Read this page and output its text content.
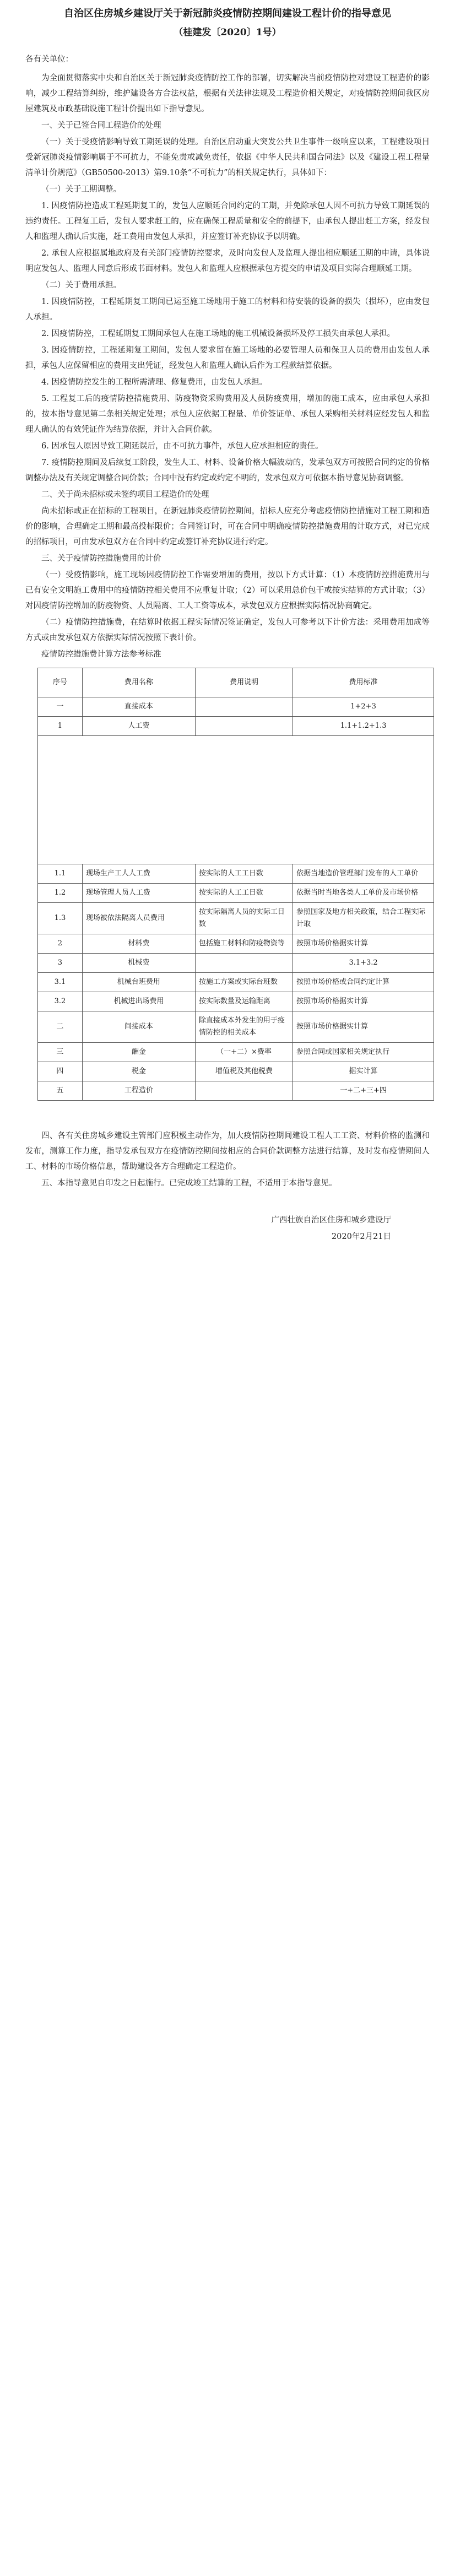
自治区住房城乡建设厅关于新冠肺炎疫情防控期间建设工程计价的指导意见
（桂建发〔2020〕1号）
各有关单位：

为全面贯彻落实中央和自治区关于新冠肺炎疫情防控工作的部署，切实解决当前疫情防控对建设工程造价的影响，减少工程结算纠纷，维护建设各方合法权益，根据有关法律法规及工程造价相关规定，对疫情防控期间我区房屋建筑及市政基础设施工程计价提出如下指导意见。

一、关于已签合同工程造价的处理

（一）关于受疫情影响导致工期延误的处理。自治区启动重大突发公共卫生事件一级响应以来，工程建设项目受新冠肺炎疫情影响属于不可抗力，不能免责或减免责任，依据《中华人民共和国合同法》以及《建设工程工程量清单计价规范》（GB50500-2013）第9.10条“不可抗力”的相关规定执行，具体如下：

（一）关于工期调整。

1. 因疫情防控造成工程延期复工的，发包人应顺延合同约定的工期，并免除承包人因不可抗力导致工期延误的违约责任。工程复工后，发包人要求赶工的，应在确保工程质量和安全的前提下，由承包人提出赶工方案，经发包人和监理人确认后实施，赶工费用由发包人承担，并应签订补充协议予以明确。

2. 承包人应根据属地政府及有关部门疫情防控要求，及时向发包人及监理人提出相应顺延工期的申请，具体说明应发包人、监理人同意后形成书面材料。发包人和监理人应根据承包方提交的申请及项目实际合理顺延工期。

（二）关于费用承担。

1. 因疫情防控，工程延期复工期间已运至施工场地用于施工的材料和待安装的设备的损失（损坏），应由发包人承担。

2. 因疫情防控，工程延期复工期间承包人在施工场地的施工机械设备损坏及停工损失由承包人承担。

3. 因疫情防控，工程延期复工期间，发包人要求留在施工场地的必要管理人员和保卫人员的费用由发包人承担，承包人应保留相应的费用支出凭证，经发包人和监理人确认后作为工程款结算依据。

4. 因疫情防控发生的工程所需清理、修复费用，由发包人承担。

5. 工程复工后的疫情防控措施费用、防疫物资采购费用及人员防疫费用，增加的施工成本，应由承包人承担的，按本指导意见第二条相关规定处理；承包人应依据工程量、单价签证单、承包人采购相关材料应经发包人和监理人确认的有效凭证作为结算依据，并计入合同价款。

6. 因承包人原因导致工期延误后，由不可抗力事件，承包人应承担相应的责任。

7. 疫情防控期间及后续复工阶段，发生人工、材料、设备价格大幅波动的，发承包双方可按照合同约定的价格调整办法及有关规定调整合同价款；合同中没有约定或约定不明的，发承包双方可依据本指导意见协商调整。

二、关于尚未招标或未签约项目工程造价的处理

尚未招标或正在招标的工程项目，在新冠肺炎疫情防控期间，招标人应充分考虑疫情防控措施对工程工期和造价的影响，合理确定工期和最高投标限价；合同签订时，可在合同中明确疫情防控措施费用的计取方式，对已完成的招标项目，可由发承包双方在合同中约定或签订补充协议进行约定。

三、关于疫情防控措施费用的计价

（一）受疫情影响，施工现场因疫情防控工作需要增加的费用，按以下方式计算：（1）本疫情防控措施费用与已有安全文明施工费用中的疫情防控相关费用不应重复计取；（2）可以采用总价包干或按实结算的方式计取；（3）对因疫情防控增加的防疫物资、人员隔离、工人工资等成本，承发包双方应根据实际情况协商确定。

（二）疫情防控措施费，在结算时依据工程实际情况签证确定，发包人可参考以下计价方法：采用费用加成等方式或由发承包双方依据实际情况按照下表计价。

疫情防控措施费计算方法参考标准

序号	费用名称	费用说明	费用标准
一	直接成本		1+2+3
1	人工费		1.1+1.2+1.3

1.1	现场生产工人人工费	按实际的人工工日数	依据当地造价管理部门发布的人工单价
1.2	现场管理人员人工费	按实际的人工工日数	依据当时当地各类人工单价及市场价格
1.3	现场被依法隔离人员费用	按实际隔离人员的实际工日数	参照国家及地方相关政策，结合工程实际计取
2	材料费	包括施工材料和防疫物资等	按照市场价格据实计算
3	机械费		3.1+3.2
3.1	机械台班费用	按施工方案或实际台班数	按照市场价格或合同约定计算
3.2	机械进出场费用	按实际数量及运输距离	按照市场价格据实计算
二	间接成本	除直接成本外发生的用于疫情防控的相关成本	按照市场价格据实计算
三	酬金	（一+二）×费率	参照合同或国家相关规定执行
四	税金	增值税及其他税费	据实计算
五	工程造价		一+二+三+四

四、各有关住房城乡建设主管部门应积极主动作为，加大疫情防控期间建设工程人工工资、材料价格的监测和发布，测算工作力度，指导发承包双方在疫情防控期间按相应的合同价款调整方法进行结算，及时发布疫情期间人工、材料的市场价格信息，帮助建设各方合理确定工程造价。

五、本指导意见自印发之日起施行。已完成竣工结算的工程，不适用于本指导意见。

广西壮族自治区住房和城乡建设厅
2020年2月21日
